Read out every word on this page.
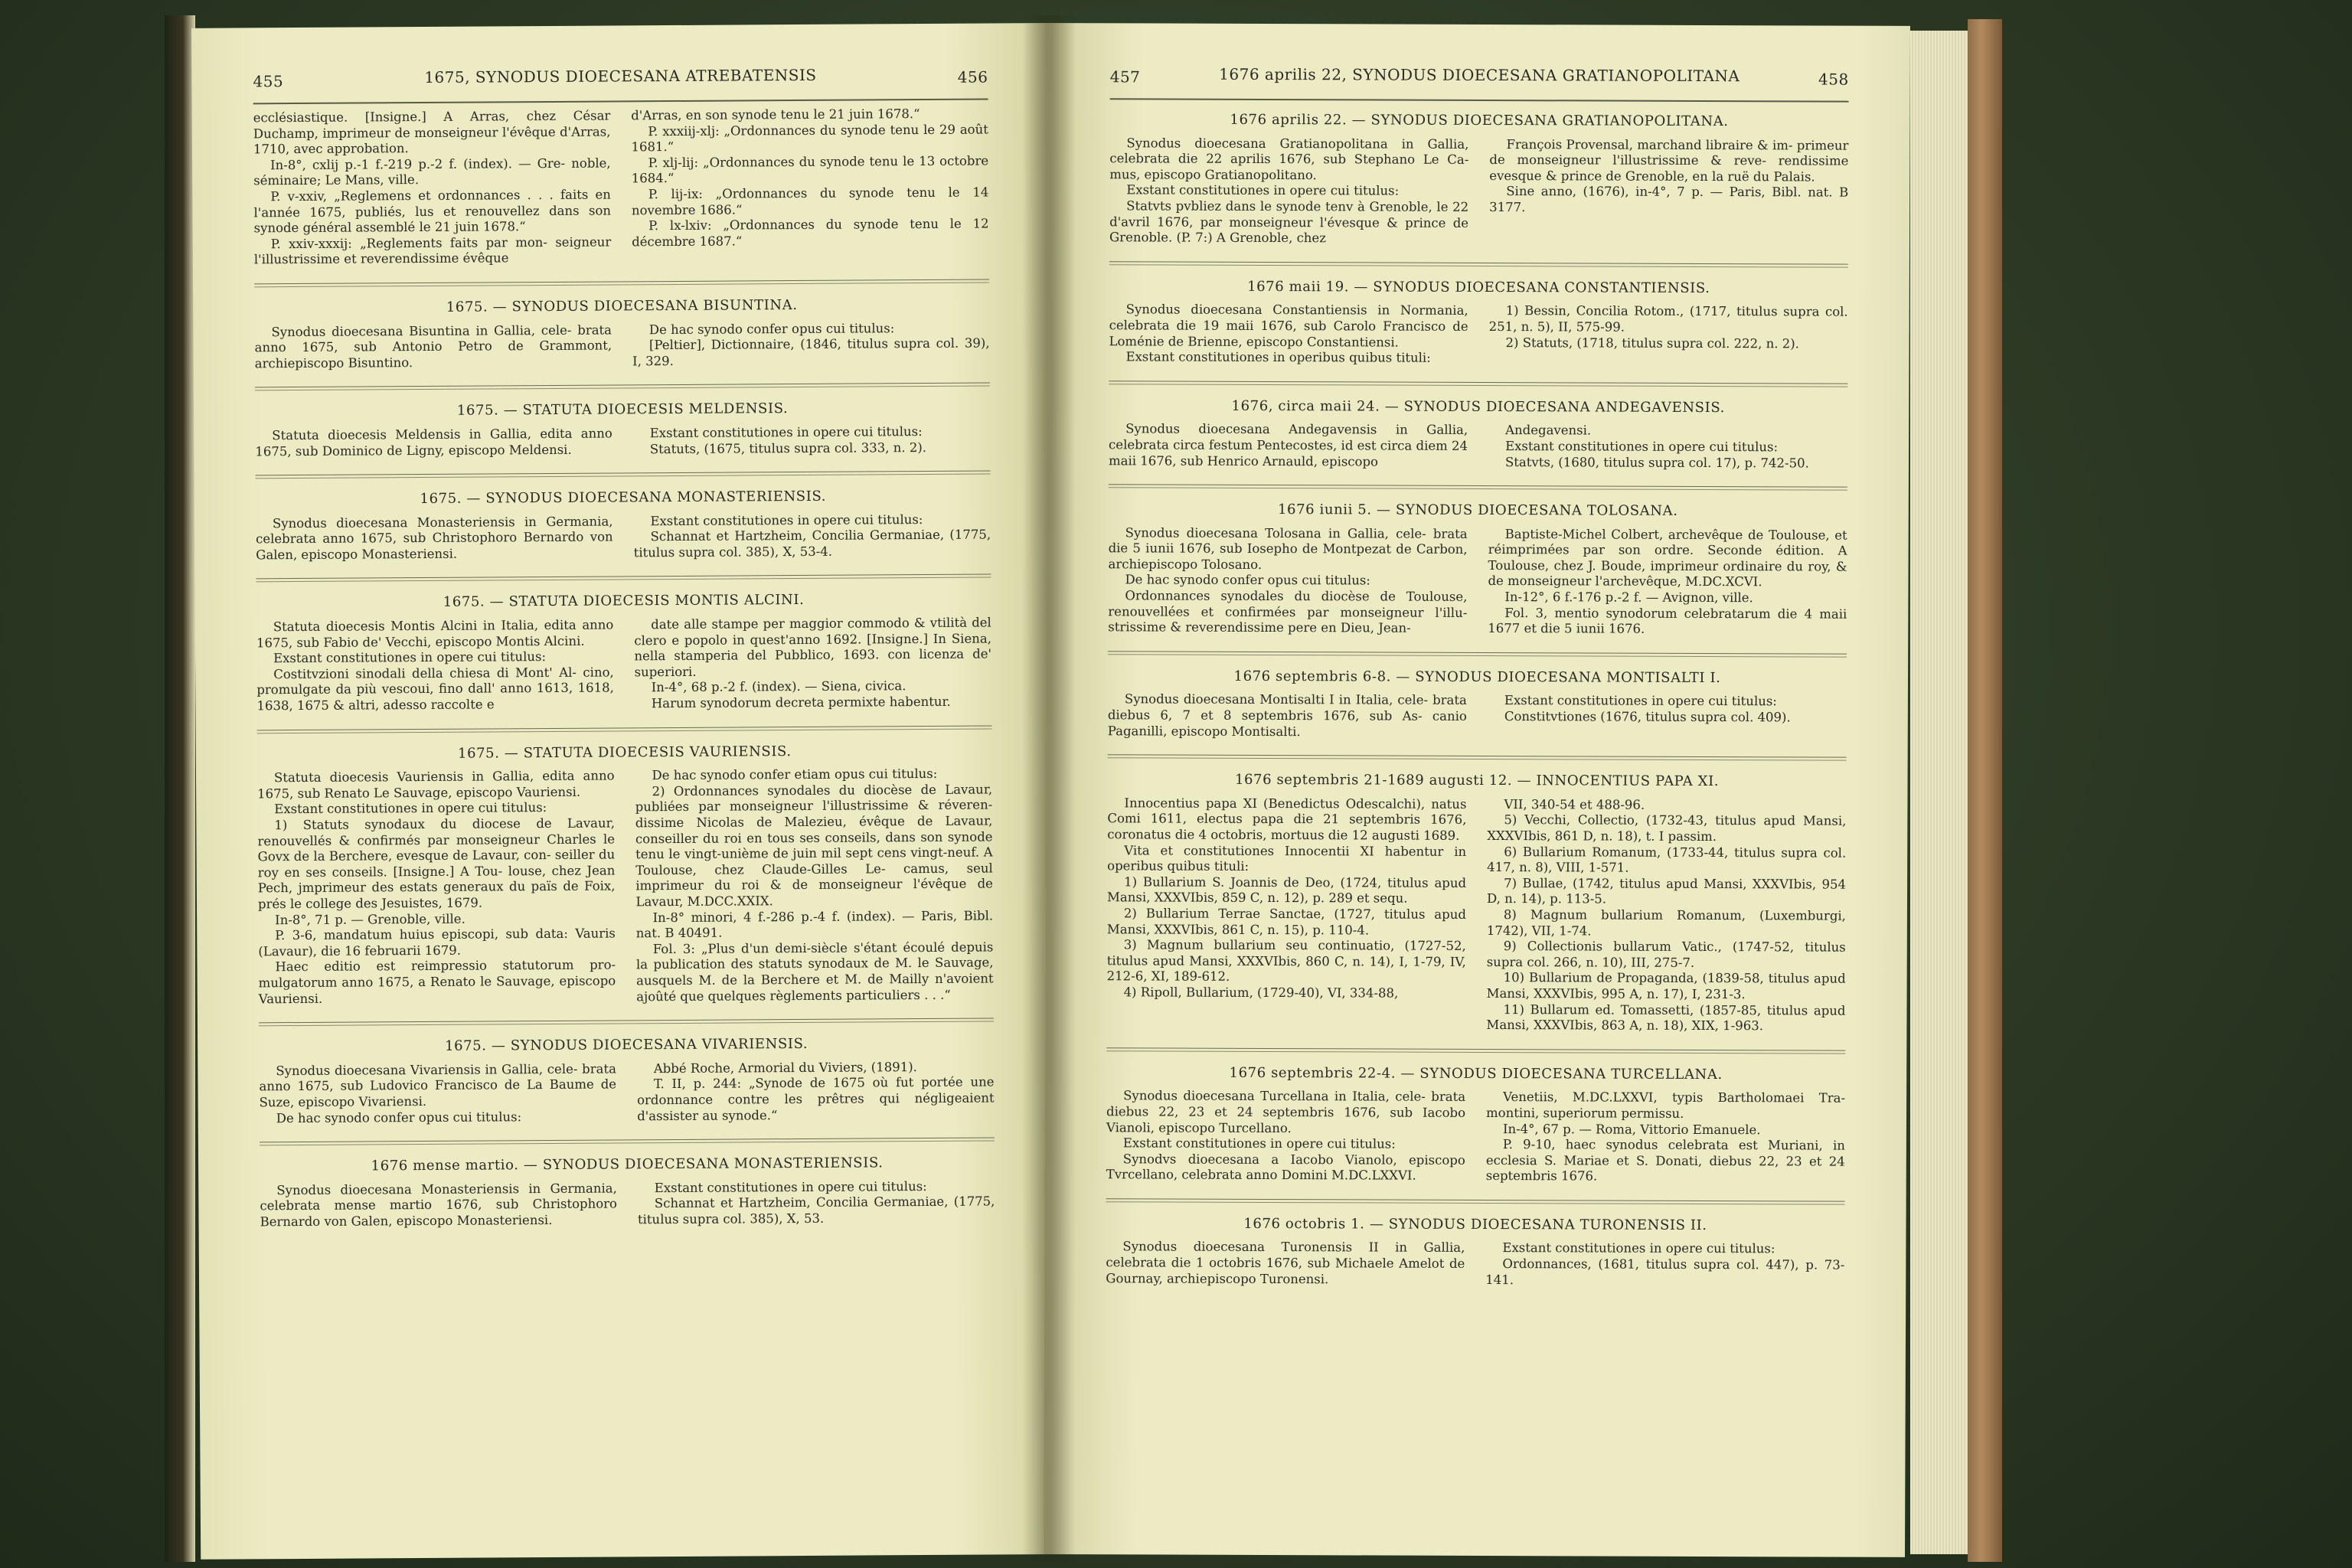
455	1675, SYNODUS DIOECESANA ATREBATENSIS	456

ecclésiastique. [Insigne.] A Arras, chez César Duchamp, imprimeur de monseigneur l'évêque d'Arras, 1710, avec approbation.

In-8°, cxlij p.-1 f.-219 p.-2 f. (index). — Gre- noble, séminaire; Le Mans, ville.

P. v-xxiv, „Reglemens et ordonnances . . . faits en l'année 1675, publiés, lus et renouvellez dans son synode général assemblé le 21 juin 1678.“

P. xxiv-xxxij: „Reglements faits par mon- seigneur l'illustrissime et reverendissime évêque

d'Arras, en son synode tenu le 21 juin 1678.“

P. xxxiij-xlj: „Ordonnances du synode tenu le 29 août 1681.“

P. xlj-lij: „Ordonnances du synode tenu le 13 octobre 1684.“

P. lij-ix: „Ordonnances du synode tenu le 14 novembre 1686.“

P. lx-lxiv: „Ordonnances du synode tenu le 12 décembre 1687.“

1675. — SYNODUS DIOECESANA BISUNTINA.

Synodus dioecesana Bisuntina in Gallia, cele- brata anno 1675, sub Antonio Petro de Grammont, archiepiscopo Bisuntino.

De hac synodo confer opus cui titulus:

[Peltier], Dictionnaire, (1846, titulus supra col. 39), I, 329.

1675. — STATUTA DIOECESIS MELDENSIS.

Statuta dioecesis Meldensis in Gallia, edita anno 1675, sub Dominico de Ligny, episcopo Meldensi.

Exstant constitutiones in opere cui titulus:

Statuts, (1675, titulus supra col. 333, n. 2).

1675. — SYNODUS DIOECESANA MONASTERIENSIS.

Synodus dioecesana Monasteriensis in Germania, celebrata anno 1675, sub Christophoro Bernardo von Galen, episcopo Monasteriensi.

Exstant constitutiones in opere cui titulus:

Schannat et Hartzheim, Concilia Germaniae, (1775, titulus supra col. 385), X, 53-4.

1675. — STATUTA DIOECESIS MONTIS ALCINI.

Statuta dioecesis Montis Alcini in Italia, edita anno 1675, sub Fabio de' Vecchi, episcopo Montis Alcini.

Exstant constitutiones in opere cui titulus:

Costitvzioni sinodali della chiesa di Mont' Al- cino, promulgate da più vescoui, fino dall' anno 1613, 1618, 1638, 1675 & altri, adesso raccolte e

date alle stampe per maggior commodo & vtilità del clero e popolo in quest'anno 1692. [Insigne.] In Siena, nella stamperia del Pubblico, 1693. con licenza de' superiori.

In-4°, 68 p.-2 f. (index). — Siena, civica.

Harum synodorum decreta permixte habentur.

1675. — STATUTA DIOECESIS VAURIENSIS.

Statuta dioecesis Vauriensis in Gallia, edita anno 1675, sub Renato Le Sauvage, episcopo Vauriensi.

Exstant constitutiones in opere cui titulus:

1) Statuts synodaux du diocese de Lavaur, renouvellés & confirmés par monseigneur Charles le Govx de la Berchere, evesque de Lavaur, con- seiller du roy en ses conseils. [Insigne.] A Tou- louse, chez Jean Pech, jmprimeur des estats generaux du païs de Foix, prés le college des Jesuistes, 1679.

In-8°, 71 p. — Grenoble, ville.

P. 3-6, mandatum huius episcopi, sub data: Vauris (Lavaur), die 16 februarii 1679.

Haec editio est reimpressio statutorum pro- mulgatorum anno 1675, a Renato le Sauvage, episcopo Vauriensi.

De hac synodo confer etiam opus cui titulus:

2) Ordonnances synodales du diocèse de Lavaur, publiées par monseigneur l'illustrissime & réveren- dissime Nicolas de Malezieu, évêque de Lavaur, conseiller du roi en tous ses conseils, dans son synode tenu le vingt-unième de juin mil sept cens vingt-neuf. A Toulouse, chez Claude-Gilles Le- camus, seul imprimeur du roi & de monseigneur l'évêque de Lavaur, M.DCC.XXIX.

In-8° minori, 4 f.-286 p.-4 f. (index). — Paris, Bibl. nat. B 40491.

Fol. 3: „Plus d'un demi-siècle s'étant écoulé depuis la publication des statuts synodaux de M. le Sauvage, ausquels M. de la Berchere et M. de Mailly n'avoient ajoûté que quelques règlements particuliers . . .“

1675. — SYNODUS DIOECESANA VIVARIENSIS.

Synodus dioecesana Vivariensis in Gallia, cele- brata anno 1675, sub Ludovico Francisco de La Baume de Suze, episcopo Vivariensi.

De hac synodo confer opus cui titulus:

Abbé Roche, Armorial du Viviers, (1891).

T. II, p. 244: „Synode de 1675 où fut portée une ordonnance contre les prêtres qui négligeaient d'assister au synode.“

1676 mense martio. — SYNODUS DIOECESANA MONASTERIENSIS.

Synodus dioecesana Monasteriensis in Germania, celebrata mense martio 1676, sub Christophoro Bernardo von Galen, episcopo Monasteriensi.

Exstant constitutiones in opere cui titulus:

Schannat et Hartzheim, Concilia Germaniae, (1775, titulus supra col. 385), X, 53.

457	1676 aprilis 22, SYNODUS DIOECESANA GRATIANOPOLITANA	458
1676 aprilis 22. — SYNODUS DIOECESANA GRATIANOPOLITANA.

Synodus dioecesana Gratianopolitana in Gallia, celebrata die 22 aprilis 1676, sub Stephano Le Ca- mus, episcopo Gratianopolitano.

Exstant constitutiones in opere cui titulus:

Statvts pvbliez dans le synode tenv à Grenoble, le 22 d'avril 1676, par monseigneur l'évesque & prince de Grenoble. (P. 7:) A Grenoble, chez

François Provensal, marchand libraire & im- primeur de monseigneur l'illustrissime & reve- rendissime evesque & prince de Grenoble, en la ruë du Palais.

Sine anno, (1676), in-4°, 7 p. — Paris, Bibl. nat. B 3177.

1676 maii 19. — SYNODUS DIOECESANA CONSTANTIENSIS.

Synodus dioecesana Constantiensis in Normania, celebrata die 19 maii 1676, sub Carolo Francisco de Loménie de Brienne, episcopo Constantiensi.

Exstant constitutiones in operibus quibus tituli:

1) Bessin, Concilia Rotom., (1717, titulus supra col. 251, n. 5), II, 575-99.

2) Statuts, (1718, titulus supra col. 222, n. 2).

1676, circa maii 24. — SYNODUS DIOECESANA ANDEGAVENSIS.

Synodus dioecesana Andegavensis in Gallia, celebrata circa festum Pentecostes, id est circa diem 24 maii 1676, sub Henrico Arnauld, episcopo

Andegavensi.

Exstant constitutiones in opere cui titulus:

Statvts, (1680, titulus supra col. 17), p. 742-50.

1676 iunii 5. — SYNODUS DIOECESANA TOLOSANA.

Synodus dioecesana Tolosana in Gallia, cele- brata die 5 iunii 1676, sub Iosepho de Montpezat de Carbon, archiepiscopo Tolosano.

De hac synodo confer opus cui titulus:

Ordonnances synodales du diocèse de Toulouse, renouvellées et confirmées par monseigneur l'illu- strissime & reverendissime pere en Dieu, Jean-

Baptiste-Michel Colbert, archevêque de Toulouse, et réimprimées par son ordre. Seconde édition. A Toulouse, chez J. Boude, imprimeur ordinaire du roy, & de monseigneur l'archevêque, M.DC.XCVI.

In-12°, 6 f.-176 p.-2 f. — Avignon, ville.

Fol. 3, mentio synodorum celebratarum die 4 maii 1677 et die 5 iunii 1676.

1676 septembris 6-8. — SYNODUS DIOECESANA MONTISALTI I.

Synodus dioecesana Montisalti I in Italia, cele- brata diebus 6, 7 et 8 septembris 1676, sub As- canio Paganilli, episcopo Montisalti.

Exstant constitutiones in opere cui titulus:

Constitvtiones (1676, titulus supra col. 409).

1676 septembris 21-1689 augusti 12. — INNOCENTIUS PAPA XI.

Innocentius papa XI (Benedictus Odescalchi), natus Comi 1611, electus papa die 21 septembris 1676, coronatus die 4 octobris, mortuus die 12 augusti 1689.

Vita et constitutiones Innocentii XI habentur in operibus quibus tituli:

1) Bullarium S. Joannis de Deo, (1724, titulus apud Mansi, XXXVIbis, 859 C, n. 12), p. 289 et sequ.

2) Bullarium Terrae Sanctae, (1727, titulus apud Mansi, XXXVIbis, 861 C, n. 15), p. 110-4.

3) Magnum bullarium seu continuatio, (1727-52, titulus apud Mansi, XXXVIbis, 860 C, n. 14), I, 1-79, IV, 212-6, XI, 189-612.

4) Ripoll, Bullarium, (1729-40), VI, 334-88,

VII, 340-54 et 488-96.

5) Vecchi, Collectio, (1732-43, titulus apud Mansi, XXXVIbis, 861 D, n. 18), t. I passim.

6) Bullarium Romanum, (1733-44, titulus supra col. 417, n. 8), VIII, 1-571.

7) Bullae, (1742, titulus apud Mansi, XXXVIbis, 954 D, n. 14), p. 113-5.

8) Magnum bullarium Romanum, (Luxemburgi, 1742), VII, 1-74.

9) Collectionis bullarum Vatic., (1747-52, titulus supra col. 266, n. 10), III, 275-7.

10) Bullarium de Propaganda, (1839-58, titulus apud Mansi, XXXVIbis, 995 A, n. 17), I, 231-3.

11) Bullarum ed. Tomassetti, (1857-85, titulus apud Mansi, XXXVIbis, 863 A, n. 18), XIX, 1-963.

1676 septembris 22-4. — SYNODUS DIOECESANA TURCELLANA.

Synodus dioecesana Turcellana in Italia, cele- brata diebus 22, 23 et 24 septembris 1676, sub Iacobo Vianoli, episcopo Turcellano.

Exstant constitutiones in opere cui titulus:

Synodvs dioecesana a Iacobo Vianolo, episcopo Tvrcellano, celebrata anno Domini M.DC.LXXVI.

Venetiis, M.DC.LXXVI, typis Bartholomaei Tra- montini, superiorum permissu.

In-4°, 67 p. — Roma, Vittorio Emanuele.

P. 9-10, haec synodus celebrata est Muriani, in ecclesia S. Mariae et S. Donati, diebus 22, 23 et 24 septembris 1676.

1676 octobris 1. — SYNODUS DIOECESANA TURONENSIS II.

Synodus dioecesana Turonensis II in Gallia, celebrata die 1 octobris 1676, sub Michaele Amelot de Gournay, archiepiscopo Turonensi.

Exstant constitutiones in opere cui titulus:

Ordonnances, (1681, titulus supra col. 447), p. 73-141.
